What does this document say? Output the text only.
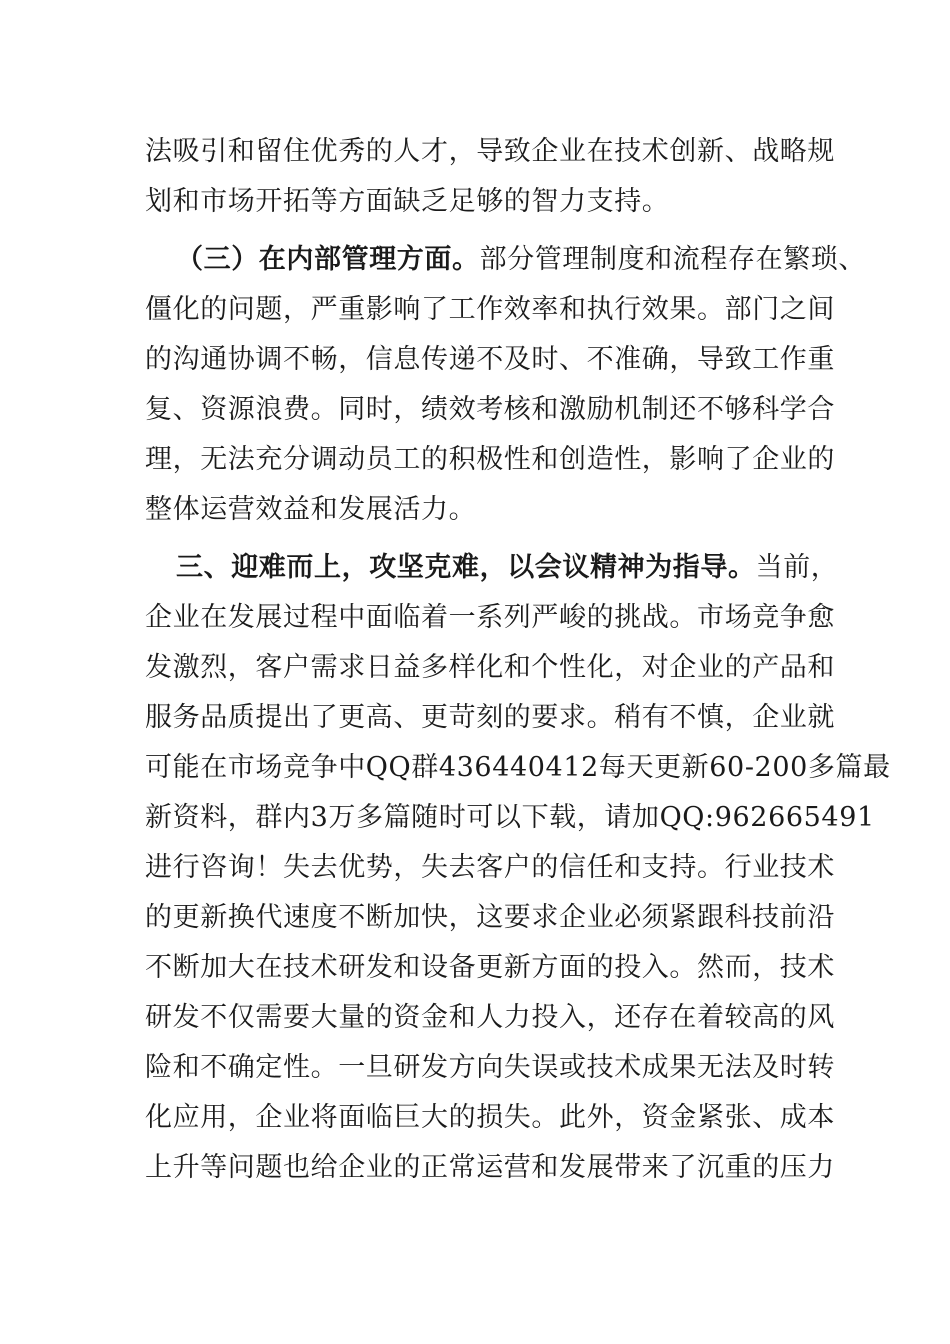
法吸引和留住优秀的人才，导致企业在技术创新、战略规
划和市场开拓等方面缺乏足够的智力支持。
（三）在内部管理方面。部分管理制度和流程存在繁琐、
僵化的问题，严重影响了工作效率和执行效果。部门之间
的沟通协调不畅，信息传递不及时、不准确，导致工作重
复、资源浪费。同时，绩效考核和激励机制还不够科学合
理，无法充分调动员工的积极性和创造性，影响了企业的
整体运营效益和发展活力。
三、迎难而上，攻坚克难，以会议精神为指导。当前，
企业在发展过程中面临着一系列严峻的挑战。市场竞争愈
发激烈，客户需求日益多样化和个性化，对企业的产品和
服务品质提出了更高、更苛刻的要求。稍有不慎，企业就
可能在市场竞争中QQ群436440412每天更新60-200多篇最
新资料，群内3万多篇随时可以下载，请加QQ:962665491
进行咨询！失去优势，失去客户的信任和支持。行业技术
的更新换代速度不断加快，这要求企业必须紧跟科技前沿
不断加大在技术研发和设备更新方面的投入。然而，技术
研发不仅需要大量的资金和人力投入，还存在着较高的风
险和不确定性。一旦研发方向失误或技术成果无法及时转
化应用，企业将面临巨大的损失。此外，资金紧张、成本
上升等问题也给企业的正常运营和发展带来了沉重的压力
